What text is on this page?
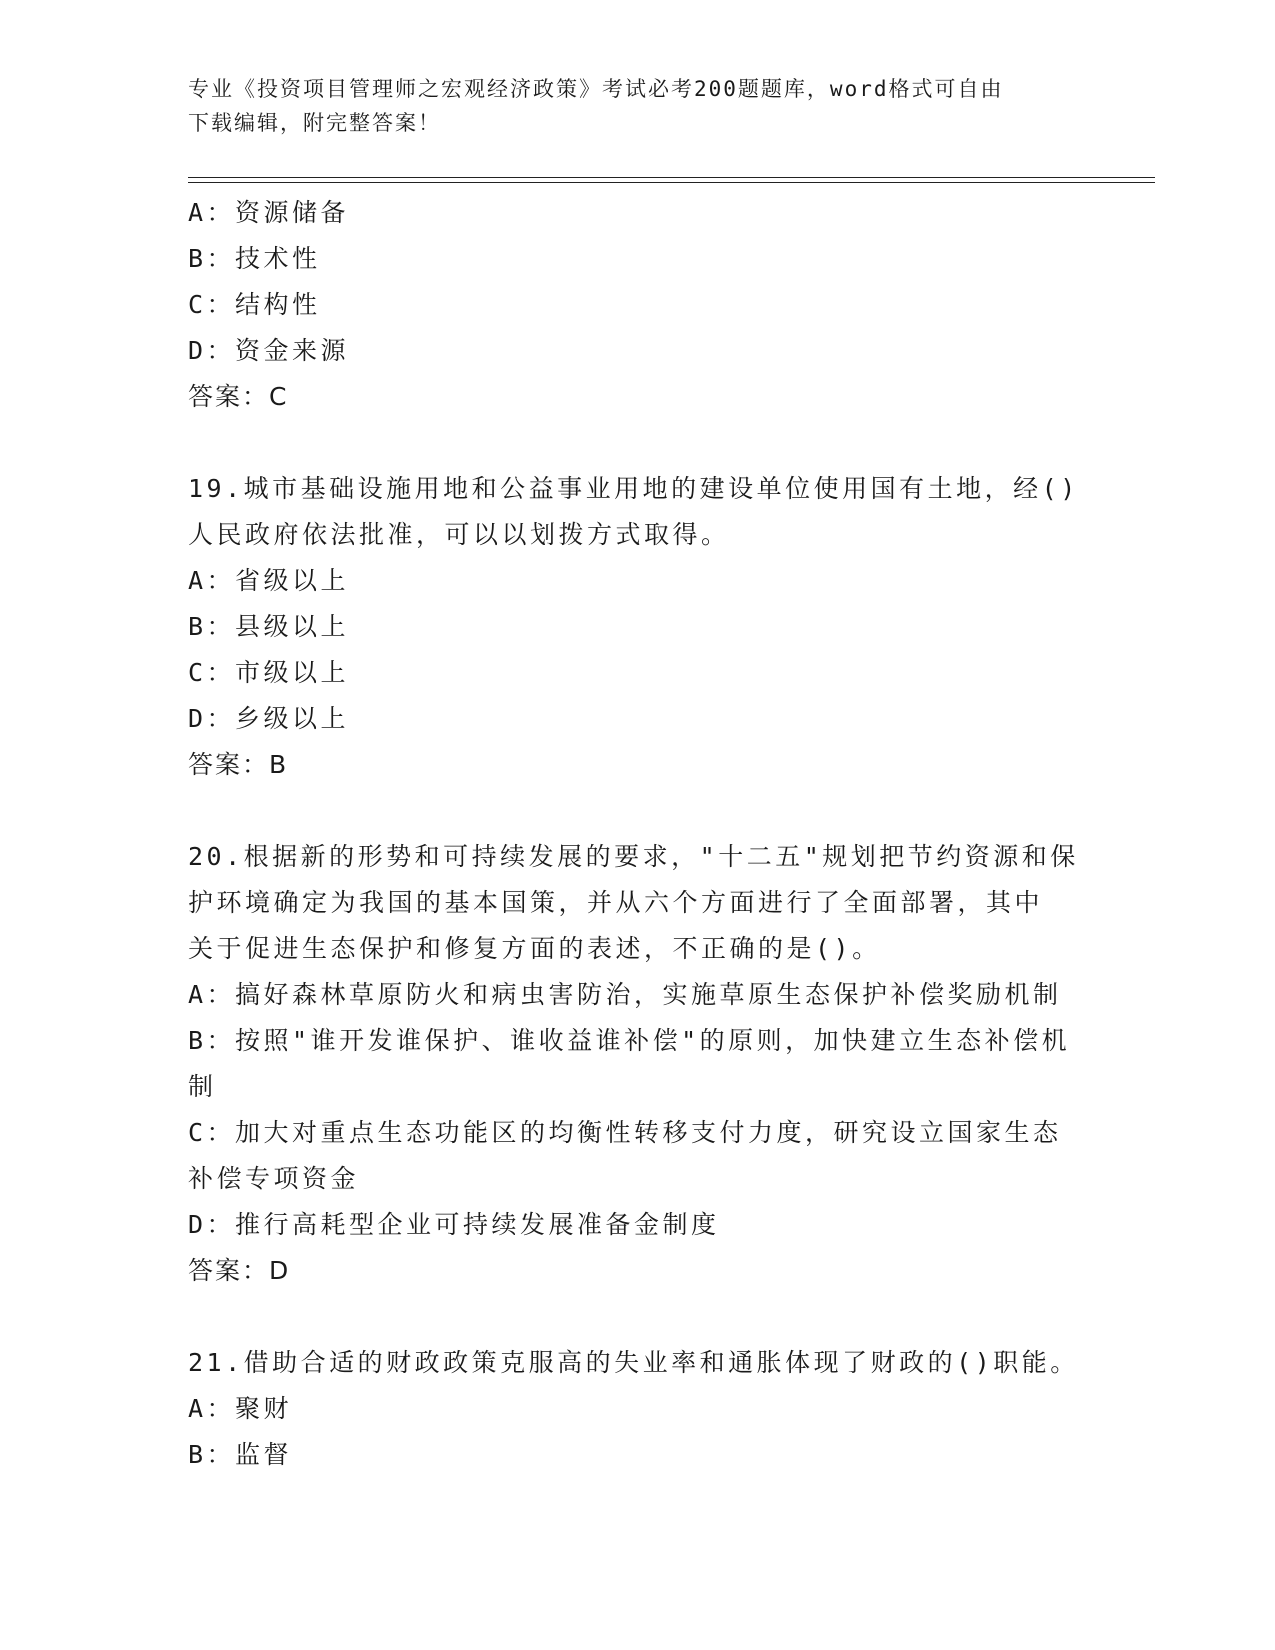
专业《投资项目管理师之宏观经济政策》考试必考200题题库，word格式可自由
下载编辑，附完整答案！
A：资源储备
B：技术性
C：结构性
D：资金来源
答案：C
19.城市基础设施用地和公益事业用地的建设单位使用国有土地，经()
人民政府依法批准，可以以划拨方式取得。
A：省级以上
B：县级以上
C：市级以上
D：乡级以上
答案：B
20.根据新的形势和可持续发展的要求，"十二五"规划把节约资源和保
护环境确定为我国的基本国策，并从六个方面进行了全面部署，其中
关于促进生态保护和修复方面的表述，不正确的是()。
A：搞好森林草原防火和病虫害防治，实施草原生态保护补偿奖励机制
B：按照"谁开发谁保护、谁收益谁补偿"的原则，加快建立生态补偿机
制
C：加大对重点生态功能区的均衡性转移支付力度，研究设立国家生态
补偿专项资金
D：推行高耗型企业可持续发展准备金制度
答案：D
21.借助合适的财政政策克服高的失业率和通胀体现了财政的()职能。
A：聚财
B：监督
